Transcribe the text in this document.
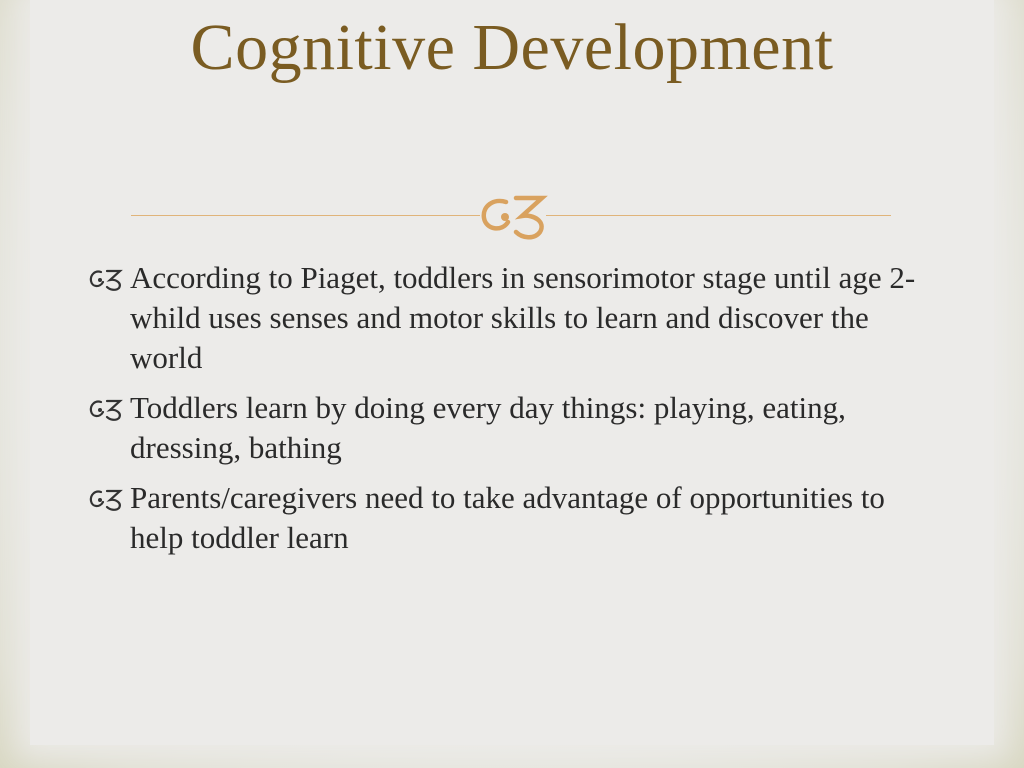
Cognitive Development
According to Piaget, toddlers in sensorimotor stage until age 2-whild uses senses and motor skills to learn and discover the world
Toddlers learn by doing every day things: playing, eating, dressing, bathing
Parents/caregivers need to take advantage of opportunities to help toddler learn
